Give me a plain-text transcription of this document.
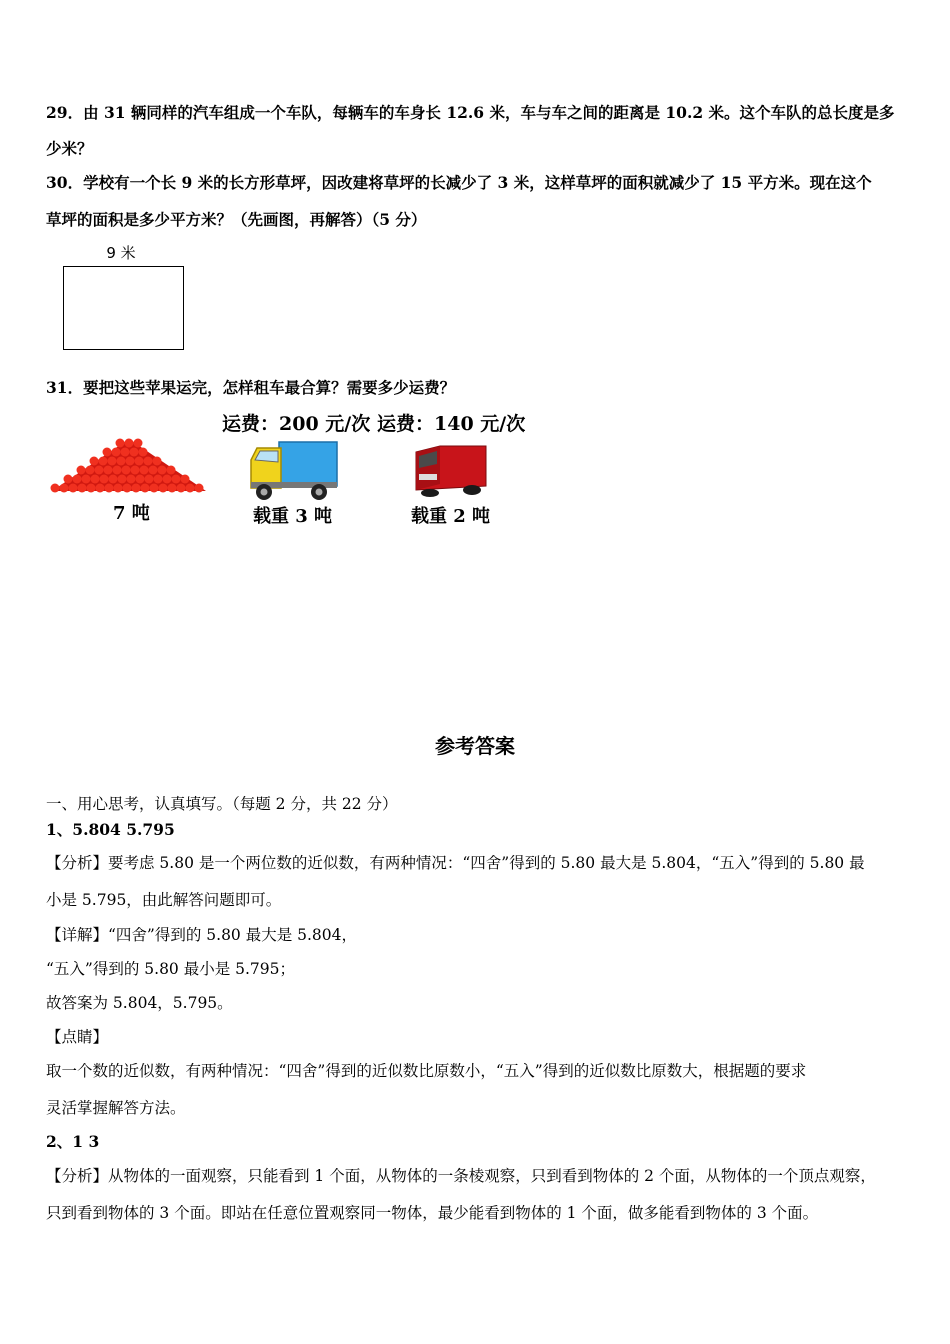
29．由 31 辆同样的汽车组成一个车队，每辆车的车身长 12.6 米，车与车之间的距离是 10.2 米。这个车队的总长度是多
少米？
30．学校有一个长 9 米的长方形草坪，因改建将草坪的长减少了 3 米，这样草坪的面积就减少了 15 平方米。现在这个
草坪的面积是多少平方米？（先画图，再解答）（5 分）
9 米
31．要把这些苹果运完，怎样租车最合算？需要多少运费？
运费：200 元/次 运费：140 元/次
7 吨	载重 3 吨	载重 2 吨
参考答案
一、用心思考，认真填写。（每题 2 分，共 22 分）
1、5.804 5.795
【分析】要考虑 5.80 是一个两位数的近似数，有两种情况：“四舍”得到的 5.80 最大是 5.804，“五入”得到的 5.80 最
小是 5.795，由此解答问题即可。
【详解】“四舍”得到的 5.80 最大是 5.804，
“五入”得到的 5.80 最小是 5.795；
故答案为 5.804，5.795。
【点睛】
取一个数的近似数，有两种情况：“四舍”得到的近似数比原数小，“五入”得到的近似数比原数大，根据题的要求
灵活掌握解答方法。
2、1 3
【分析】从物体的一面观察，只能看到 1 个面，从物体的一条棱观察，只到看到物体的 2 个面，从物体的一个顶点观察，
只到看到物体的 3 个面。即站在任意位置观察同一物体，最少能看到物体的 1 个面，做多能看到物体的 3 个面。
